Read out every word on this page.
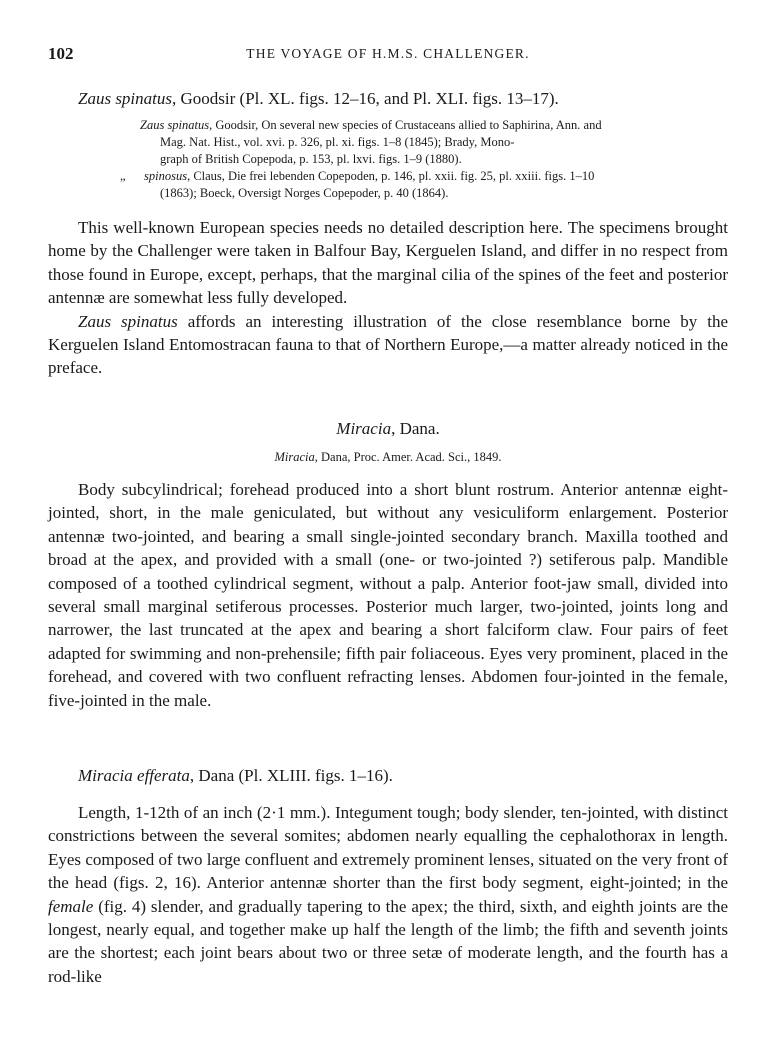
102	THE VOYAGE OF H.M.S. CHALLENGER.

Zaus spinatus, Goodsir (Pl. XL. figs. 12–16, and Pl. XLI. figs. 13–17).

Zaus spinatus, Goodsir, On several new species of Crustaceans allied to Saphirina, Ann. and
Mag. Nat. Hist., vol. xvi. p. 326, pl. xi. figs. 1–8 (1845); Brady, Mono-
graph of British Copepoda, p. 153, pl. lxvi. figs. 1–9 (1880).
„	spinosus, Claus, Die frei lebenden Copepoden, p. 146, pl. xxii. fig. 25, pl. xxiii. figs. 1–10
(1863); Boeck, Oversigt Norges Copepoder, p. 40 (1864).

This well-known European species needs no detailed description here. The specimens brought home by the Challenger were taken in Balfour Bay, Kerguelen Island, and differ in no respect from those found in Europe, except, perhaps, that the marginal cilia of the spines of the feet and posterior antennæ are somewhat less fully developed.

Zaus spinatus affords an interesting illustration of the close resemblance borne by the Kerguelen Island Entomostracan fauna to that of Northern Europe,—a matter already noticed in the preface.

Miracia, Dana.

Miracia, Dana, Proc. Amer. Acad. Sci., 1849.

Body subcylindrical; forehead produced into a short blunt rostrum. Anterior antennæ eight-jointed, short, in the male geniculated, but without any vesiculiform enlargement. Posterior antennæ two-jointed, and bearing a small single-jointed secondary branch. Maxilla toothed and broad at the apex, and provided with a small (one- or two-jointed ?) setiferous palp. Mandible composed of a toothed cylindrical segment, without a palp. Anterior foot-jaw small, divided into several small marginal setiferous processes. Posterior much larger, two-jointed, joints long and narrower, the last truncated at the apex and bearing a short falciform claw. Four pairs of feet adapted for swimming and non-prehensile; fifth pair foliaceous. Eyes very prominent, placed in the forehead, and covered with two confluent refracting lenses. Abdomen four-jointed in the female, five-jointed in the male.

Miracia efferata, Dana (Pl. XLIII. figs. 1–16).

Length, 1-12th of an inch (2·1 mm.). Integument tough; body slender, ten-jointed, with distinct constrictions between the several somites; abdomen nearly equalling the cephalothorax in length. Eyes composed of two large confluent and extremely prominent lenses, situated on the very front of the head (figs. 2, 16). Anterior antennæ shorter than the first body segment, eight-jointed; in the female (fig. 4) slender, and gradually tapering to the apex; the third, sixth, and eighth joints are the longest, nearly equal, and together make up half the length of the limb; the fifth and seventh joints are the shortest; each joint bears about two or three setæ of moderate length, and the fourth has a rod-like
